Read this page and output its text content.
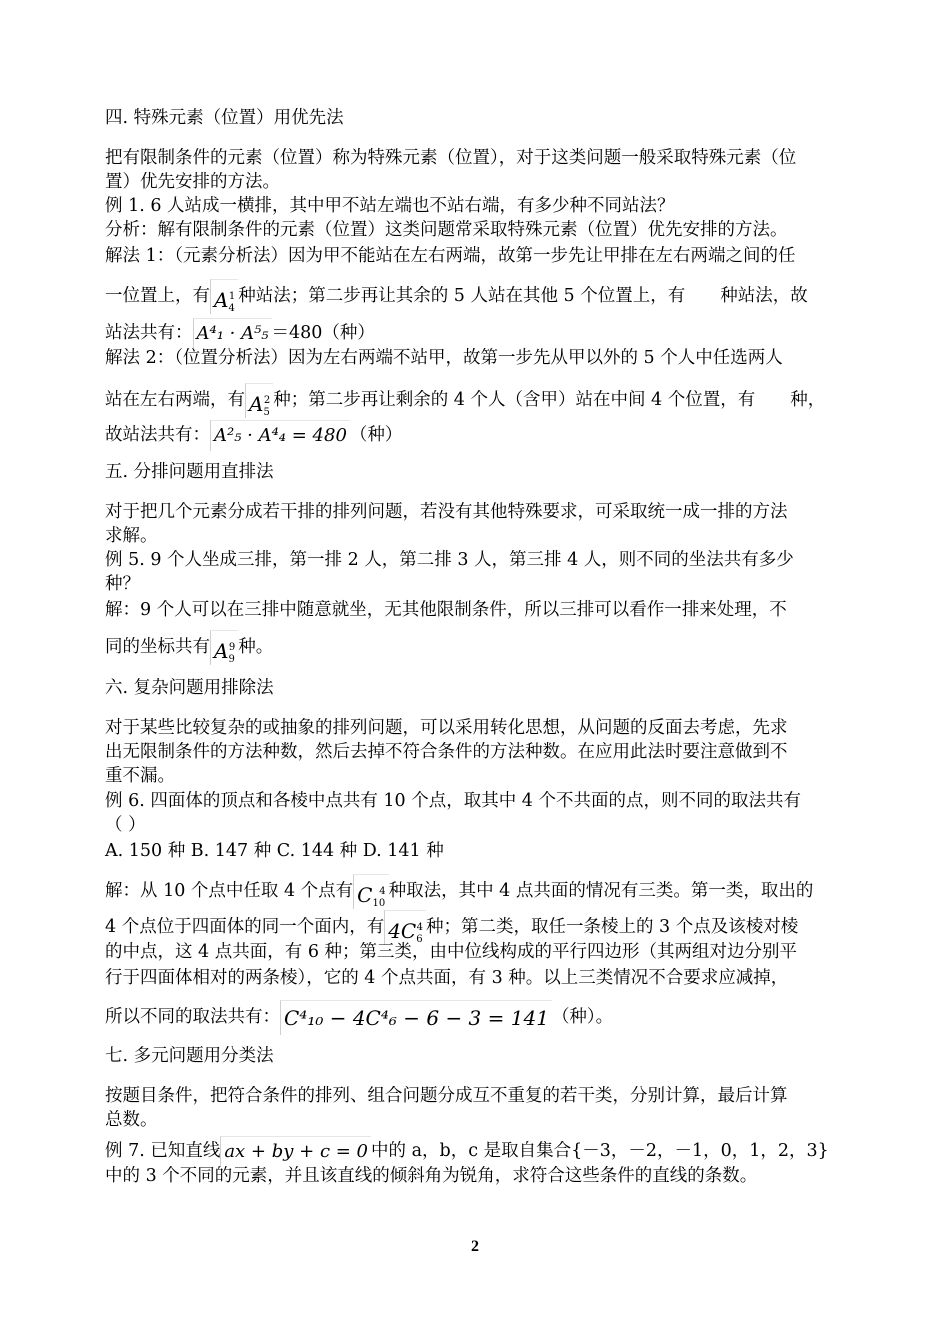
四. 特殊元素（位置）用优先法
把有限制条件的元素（位置）称为特殊元素（位置），对于这类问题一般采取特殊元素（位
置）优先安排的方法。
例 1. 6 人站成一横排，其中甲不站左端也不站右端，有多少种不同站法？
分析：解有限制条件的元素（位置）这类问题常采取特殊元素（位置）优先安排的方法。
解法 1：（元素分析法）因为甲不能站在左右两端，故第一步先让甲排在左右两端之间的任
一位置上，有 $A_4^1$ 种站法；第二步再让其余的 5 人站在其他 5 个位置上，有　　种站法，故
站法共有： A⁴₁ · A⁵₅ ＝480（种）
解法 2：（位置分析法）因为左右两端不站甲，故第一步先从甲以外的 5 个人中任选两人
站在左右两端，有 $A_5^2$ 种；第二步再让剩余的 4 个人（含甲）站在中间 4 个位置，有　　种，
故站法共有： A²₅ · A⁴₄ = 480 （种）
五. 分排问题用直排法
对于把几个元素分成若干排的排列问题，若没有其他特殊要求，可采取统一成一排的方法
求解。
例 5. 9 个人坐成三排，第一排 2 人，第二排 3 人，第三排 4 人，则不同的坐法共有多少
种？
解：9 个人可以在三排中随意就坐，无其他限制条件，所以三排可以看作一排来处理，不
同的坐标共有 $A_9^9$ 种。
六. 复杂问题用排除法
对于某些比较复杂的或抽象的排列问题，可以采用转化思想，从问题的反面去考虑，先求
出无限制条件的方法种数，然后去掉不符合条件的方法种数。在应用此法时要注意做到不
重不漏。
例 6. 四面体的顶点和各棱中点共有 10 个点，取其中 4 个不共面的点，则不同的取法共有
（ ）
A. 150 种 B. 147 种 C. 144 种 D. 141 种
解：从 10 个点中任取 4 个点有 $C_{10}^4$ 种取法，其中 4 点共面的情况有三类。第一类，取出的
4 个点位于四面体的同一个面内，有 $4C_6^4$ 种；第二类，取任一条棱上的 3 个点及该棱对棱
的中点，这 4 点共面，有 6 种；第三类，由中位线构成的平行四边形（其两组对边分别平
行于四面体相对的两条棱），它的 4 个点共面，有 3 种。以上三类情况不合要求应减掉，
所以不同的取法共有： C⁴₁₀ − 4C⁴₆ − 6 − 3 = 141 （种）。
七. 多元问题用分类法
按题目条件，把符合条件的排列、组合问题分成互不重复的若干类，分别计算，最后计算
总数。
例 7. 已知直线 ax + by + c = 0 中的 a，b，c 是取自集合{－3，－2，－1，0，1，2，3}
中的 3 个不同的元素，并且该直线的倾斜角为锐角，求符合这些条件的直线的条数。
2
